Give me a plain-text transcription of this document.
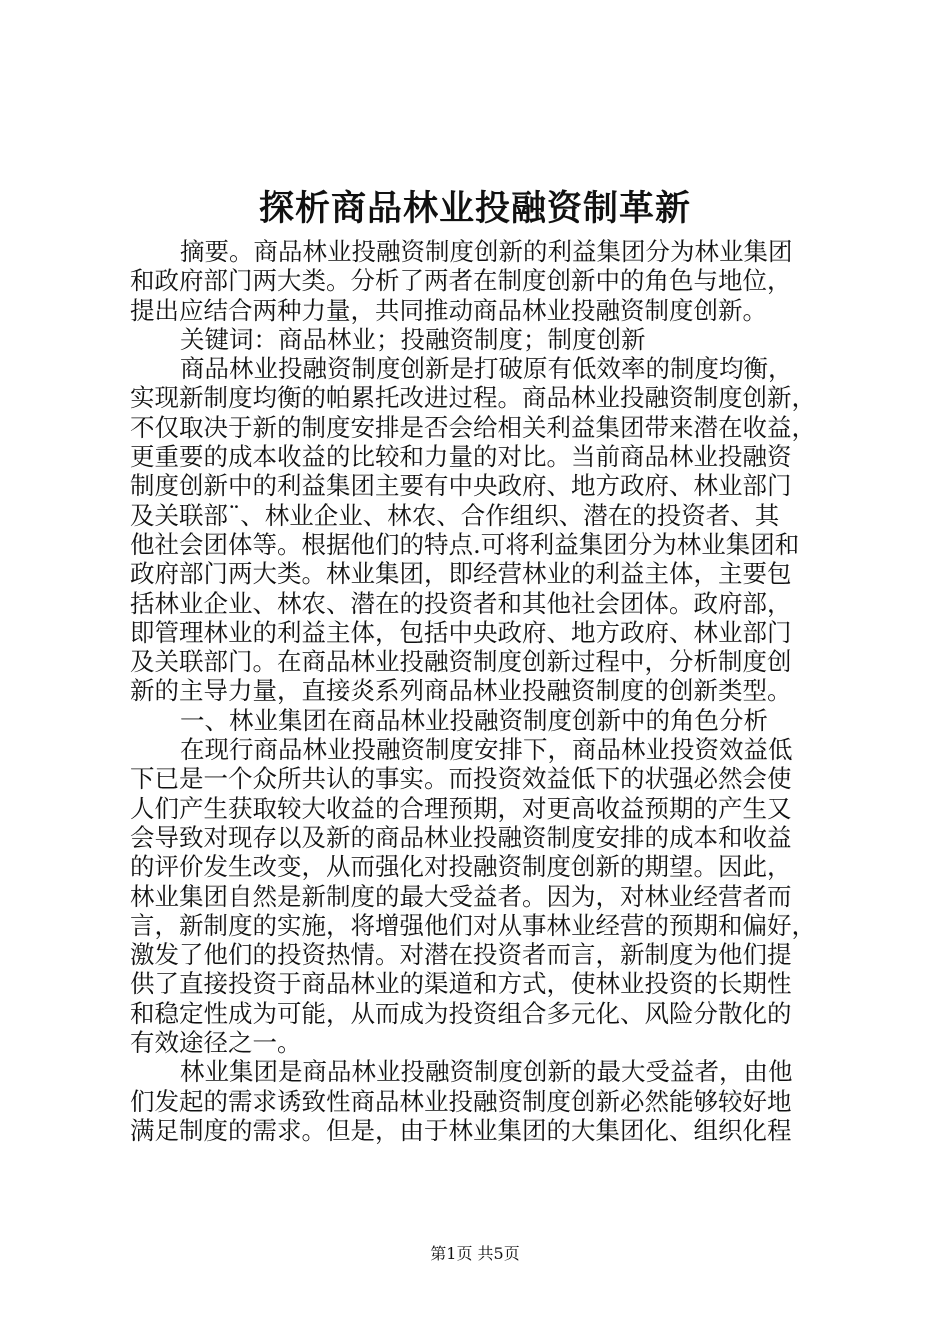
探析商品林业投融资制革新
摘要。商品林业投融资制度创新的利益集团分为林业集团
和政府部门两大类。分析了两者在制度创新中的角色与地位，
提出应结合两种力量，共同推动商品林业投融资制度创新。
关键词：商品林业；投融资制度；制度创新
商品林业投融资制度创新是打破原有低效率的制度均衡，
实现新制度均衡的帕累托改进过程。商品林业投融资制度创新，
不仅取决于新的制度安排是否会给相关利益集团带来潜在收益，
更重要的成本收益的比较和力量的对比。当前商品林业投融资
制度创新中的利益集团主要有中央政府、地方政府、林业部门
及关联部¨、林业企业、林农、合作组织、潜在的投资者、其
他社会团体等。根据他们的特点.可将利益集团分为林业集团和
政府部门两大类。林业集团，即经营林业的利益主体，主要包
括林业企业、林农、潜在的投资者和其他社会团体。政府部，
即管理林业的利益主体，包括中央政府、地方政府、林业部门
及关联部门。在商品林业投融资制度创新过程中，分析制度创
新的主导力量，直接炎系列商品林业投融资制度的创新类型。
一、林业集团在商品林业投融资制度创新中的角色分析
在现行商品林业投融资制度安排下，商品林业投资效益低
下已是一个众所共认的事实。而投资效益低下的状强必然会使
人们产生获取较大收益的合理预期，对更高收益预期的产生又
会导致对现存以及新的商品林业投融资制度安排的成本和收益
的评价发生改变，从而强化对投融资制度创新的期望。因此，
林业集团自然是新制度的最大受益者。因为，对林业经营者而
言，新制度的实施，将增强他们对从事林业经营的预期和偏好，
激发了他们的投资热情。对潜在投资者而言，新制度为他们提
供了直接投资于商品林业的渠道和方式，使林业投资的长期性
和稳定性成为可能，从而成为投资组合多元化、风险分散化的
有效途径之一。
林业集团是商品林业投融资制度创新的最大受益者，由他
们发起的需求诱致性商品林业投融资制度创新必然能够较好地
满足制度的需求。但是，由于林业集团的大集团化、组织化程
第1页 共5页
